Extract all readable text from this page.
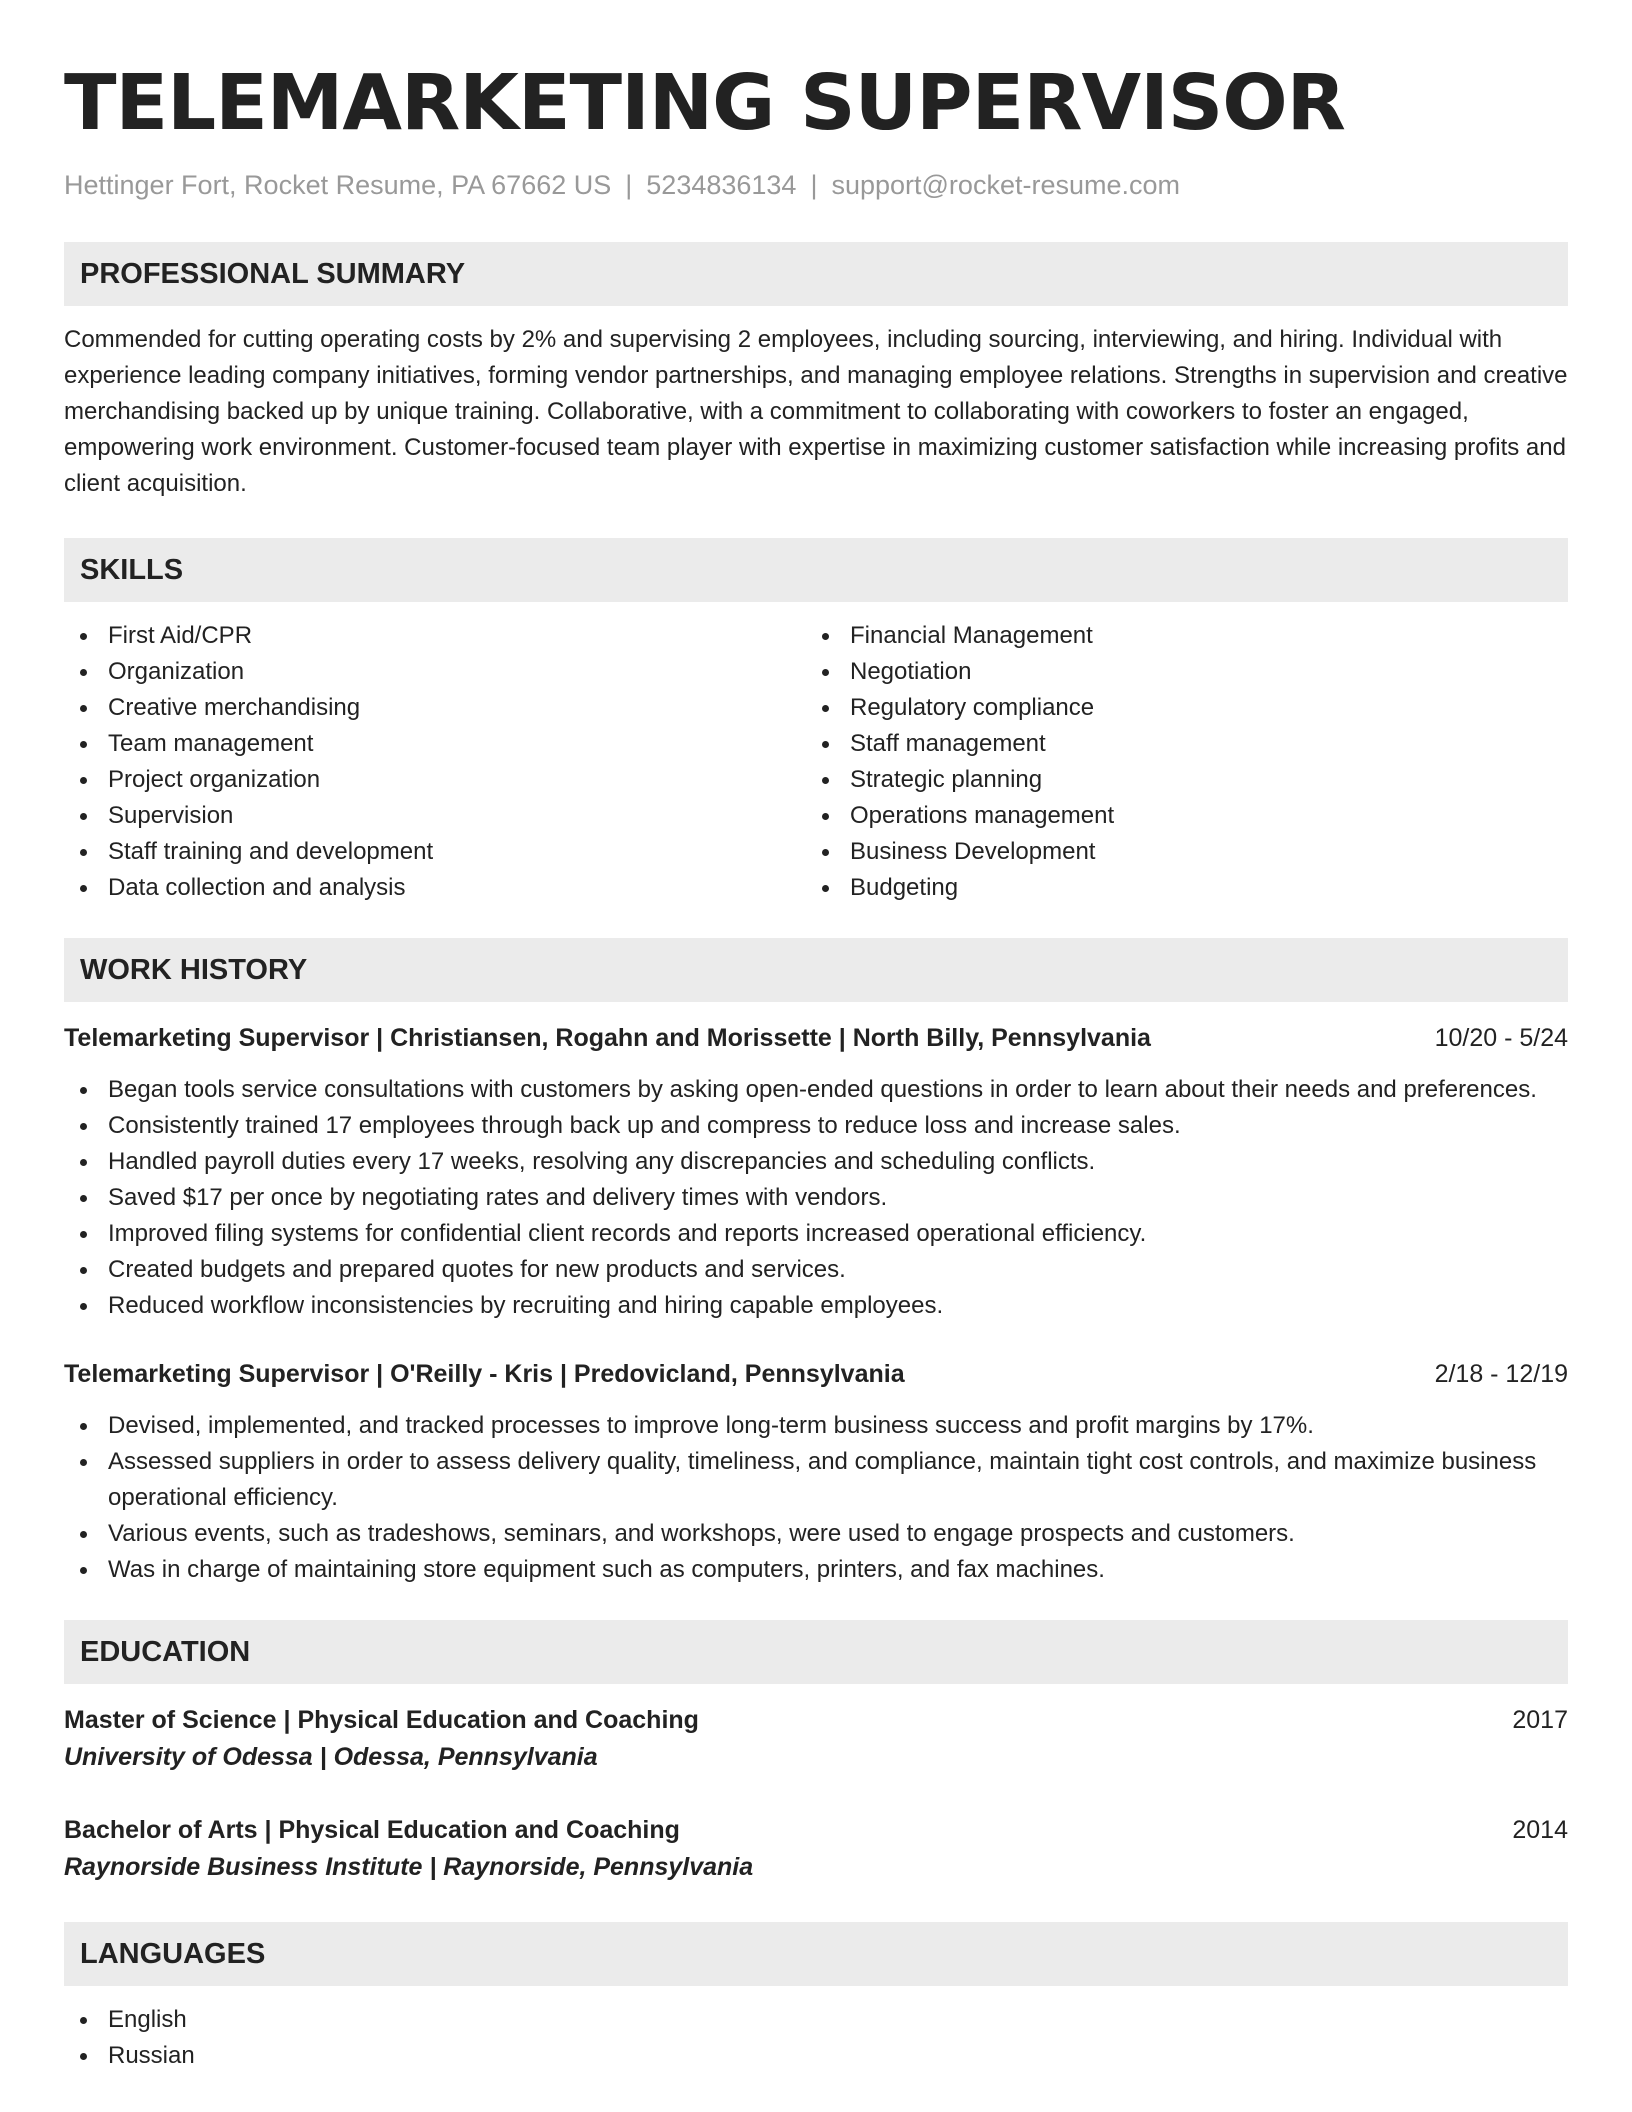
TELEMARKETING SUPERVISOR
Hettinger Fort, Rocket Resume, PA 67662 US | 5234836134 | support@rocket-resume.com
PROFESSIONAL SUMMARY

Commended for cutting operating costs by 2% and supervising 2 employees, including sourcing, interviewing, and hiring. Individual with experience leading company initiatives, forming vendor partnerships, and managing employee relations. Strengths in supervision and creative merchandising backed up by unique training. Collaborative, with a commitment to collaborating with coworkers to foster an engaged, empowering work environment. Customer-focused team player with expertise in maximizing customer satisfaction while increasing profits and client acquisition.

SKILLS
First Aid/CPR
Organization
Creative merchandising
Team management
Project organization
Supervision
Staff training and development
Data collection and analysis
Financial Management
Negotiation
Regulatory compliance
Staff management
Strategic planning
Operations management
Business Development
Budgeting
WORK HISTORY
Telemarketing Supervisor | Christiansen, Rogahn and Morissette | North Billy, Pennsylvania	10/20 - 5/24
Began tools service consultations with customers by asking open-ended questions in order to learn about their needs and preferences.
Consistently trained 17 employees through back up and compress to reduce loss and increase sales.
Handled payroll duties every 17 weeks, resolving any discrepancies and scheduling conflicts.
Saved $17 per once by negotiating rates and delivery times with vendors.
Improved filing systems for confidential client records and reports increased operational efficiency.
Created budgets and prepared quotes for new products and services.
Reduced workflow inconsistencies by recruiting and hiring capable employees.
Telemarketing Supervisor | O'Reilly - Kris | Predovicland, Pennsylvania	2/18 - 12/19
Devised, implemented, and tracked processes to improve long-term business success and profit margins by 17%.
Assessed suppliers in order to assess delivery quality, timeliness, and compliance, maintain tight cost controls, and maximize business operational efficiency.
Various events, such as tradeshows, seminars, and workshops, were used to engage prospects and customers.
Was in charge of maintaining store equipment such as computers, printers, and fax machines.
EDUCATION
Master of Science | Physical Education and Coaching	2017
University of Odessa | Odessa, Pennsylvania
Bachelor of Arts | Physical Education and Coaching	2014
Raynorside Business Institute | Raynorside, Pennsylvania
LANGUAGES
English
Russian
